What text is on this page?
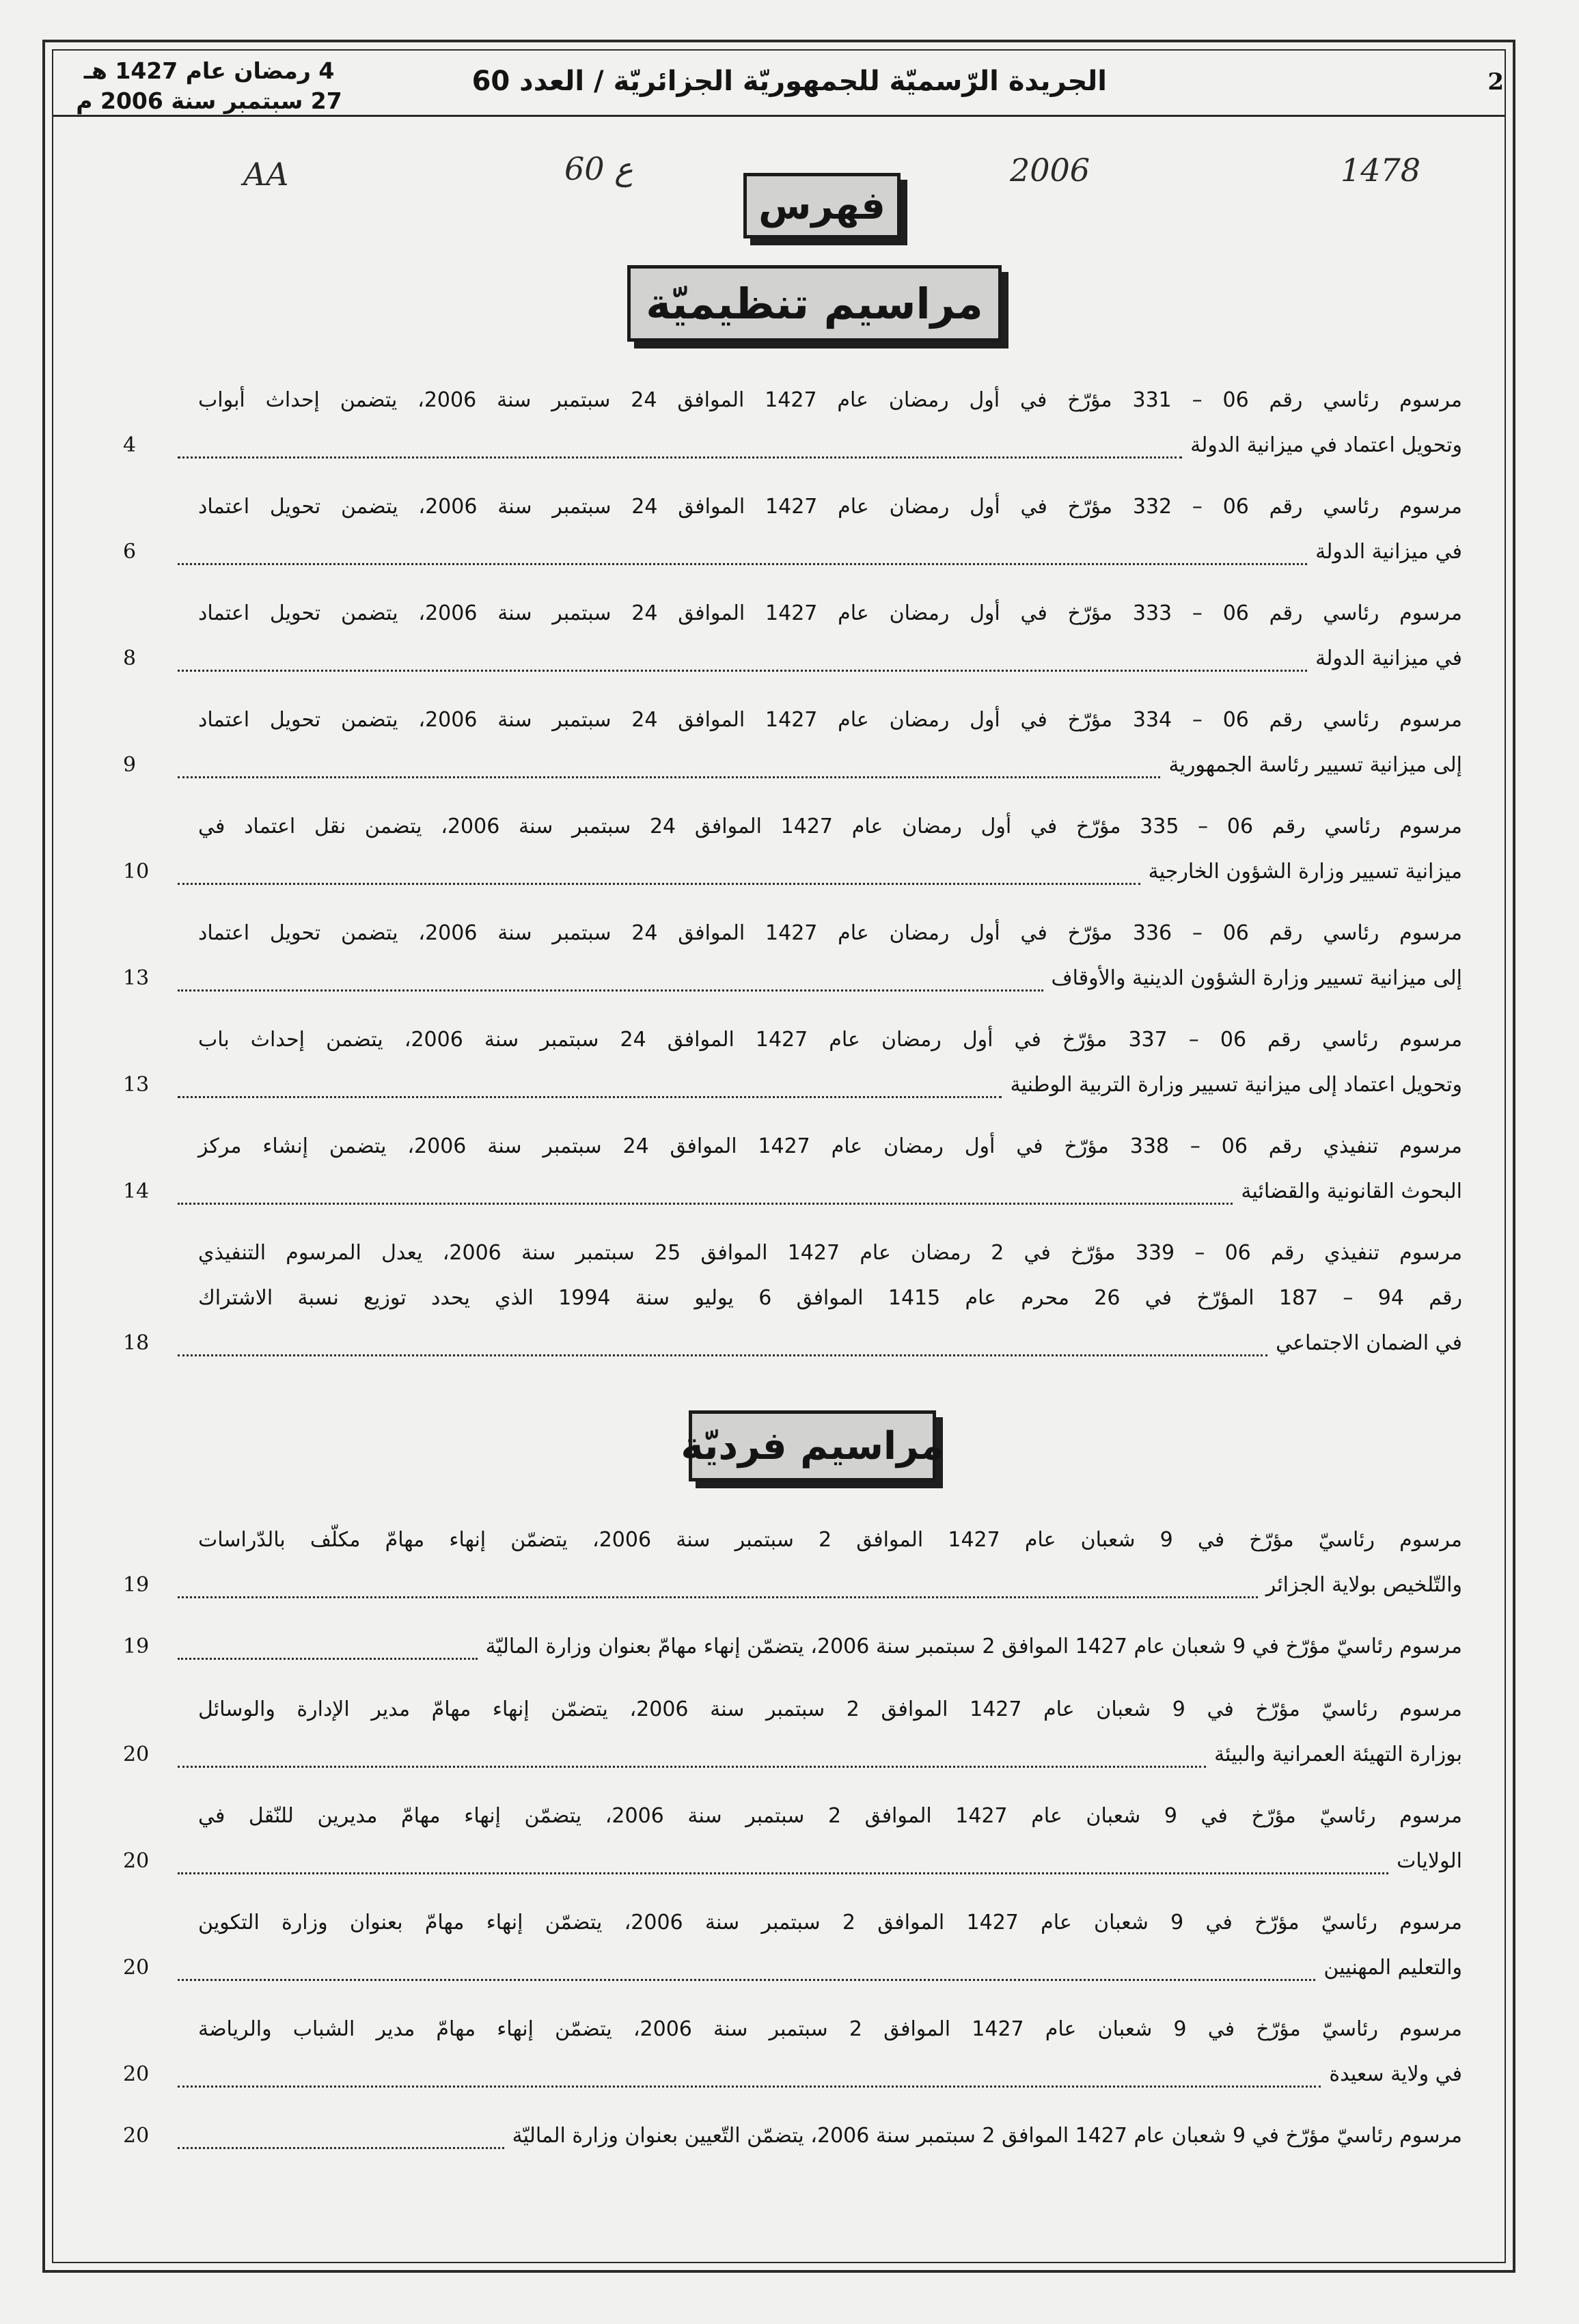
2
الجريدة الرّسميّة للجمهوريّة الجزائريّة / العدد 60
4 رمضان عام 1427 هـ
27 سبتمبر سنة 2006 م
AA	60 ع	2006	1478
فهرس
مراسيم تنظيميّة
مراسيم فرديّة
مرسوم رئاسي رقم 06 – 331 مؤرّخ في أول رمضان عام 1427 الموافق 24 سبتمبر سنة 2006، يتضمن إحداث أبواب
وتحويل اعتماد في ميزانية الدولة
4
مرسوم رئاسي رقم 06 – 332 مؤرّخ في أول رمضان عام 1427 الموافق 24 سبتمبر سنة 2006، يتضمن تحويل اعتماد
في ميزانية الدولة
6
مرسوم رئاسي رقم 06 – 333 مؤرّخ في أول رمضان عام 1427 الموافق 24 سبتمبر سنة 2006، يتضمن تحويل اعتماد
في ميزانية الدولة
8
مرسوم رئاسي رقم 06 – 334 مؤرّخ في أول رمضان عام 1427 الموافق 24 سبتمبر سنة 2006، يتضمن تحويل اعتماد
إلى ميزانية تسيير رئاسة الجمهورية
9
مرسوم رئاسي رقم 06 – 335 مؤرّخ في أول رمضان عام 1427 الموافق 24 سبتمبر سنة 2006، يتضمن نقل اعتماد في
ميزانية تسيير وزارة الشؤون الخارجية
10
مرسوم رئاسي رقم 06 – 336 مؤرّخ في أول رمضان عام 1427 الموافق 24 سبتمبر سنة 2006، يتضمن تحويل اعتماد
إلى ميزانية تسيير وزارة الشؤون الدينية والأوقاف
13
مرسوم رئاسي رقم 06 – 337 مؤرّخ في أول رمضان عام 1427 الموافق 24 سبتمبر سنة 2006، يتضمن إحداث باب
وتحويل اعتماد إلى ميزانية تسيير وزارة التربية الوطنية
13
مرسوم تنفيذي رقم 06 – 338 مؤرّخ في أول رمضان عام 1427 الموافق 24 سبتمبر سنة 2006، يتضمن إنشاء مركز
البحوث القانونية والقضائية
14
مرسوم تنفيذي رقم 06 – 339 مؤرّخ في 2 رمضان عام 1427 الموافق 25 سبتمبر سنة 2006، يعدل المرسوم التنفيذي
رقم 94 – 187 المؤرّخ في 26 محرم عام 1415 الموافق 6 يوليو سنة 1994 الذي يحدد توزيع نسبة الاشتراك
في الضمان الاجتماعي
18
مرسوم رئاسيّ مؤرّخ في 9 شعبان عام 1427 الموافق 2 سبتمبر سنة 2006، يتضمّن إنهاء مهامّ مكلّف بالدّراسات
والتّلخيص بولاية الجزائر
19
مرسوم رئاسيّ مؤرّخ في 9 شعبان عام 1427 الموافق 2 سبتمبر سنة 2006، يتضمّن إنهاء مهامّ بعنوان وزارة الماليّة
19
مرسوم رئاسيّ مؤرّخ في 9 شعبان عام 1427 الموافق 2 سبتمبر سنة 2006، يتضمّن إنهاء مهامّ مدير الإدارة والوسائل
بوزارة التهيئة العمرانية والبيئة
20
مرسوم رئاسيّ مؤرّخ في 9 شعبان عام 1427 الموافق 2 سبتمبر سنة 2006، يتضمّن إنهاء مهامّ مديرين للنّقل في
الولايات
20
مرسوم رئاسيّ مؤرّخ في 9 شعبان عام 1427 الموافق 2 سبتمبر سنة 2006، يتضمّن إنهاء مهامّ بعنوان وزارة التكوين
والتعليم المهنيين
20
مرسوم رئاسيّ مؤرّخ في 9 شعبان عام 1427 الموافق 2 سبتمبر سنة 2006، يتضمّن إنهاء مهامّ مدير الشباب والرياضة
في ولاية سعيدة
20
مرسوم رئاسيّ مؤرّخ في 9 شعبان عام 1427 الموافق 2 سبتمبر سنة 2006، يتضمّن التّعيين بعنوان وزارة الماليّة
20
